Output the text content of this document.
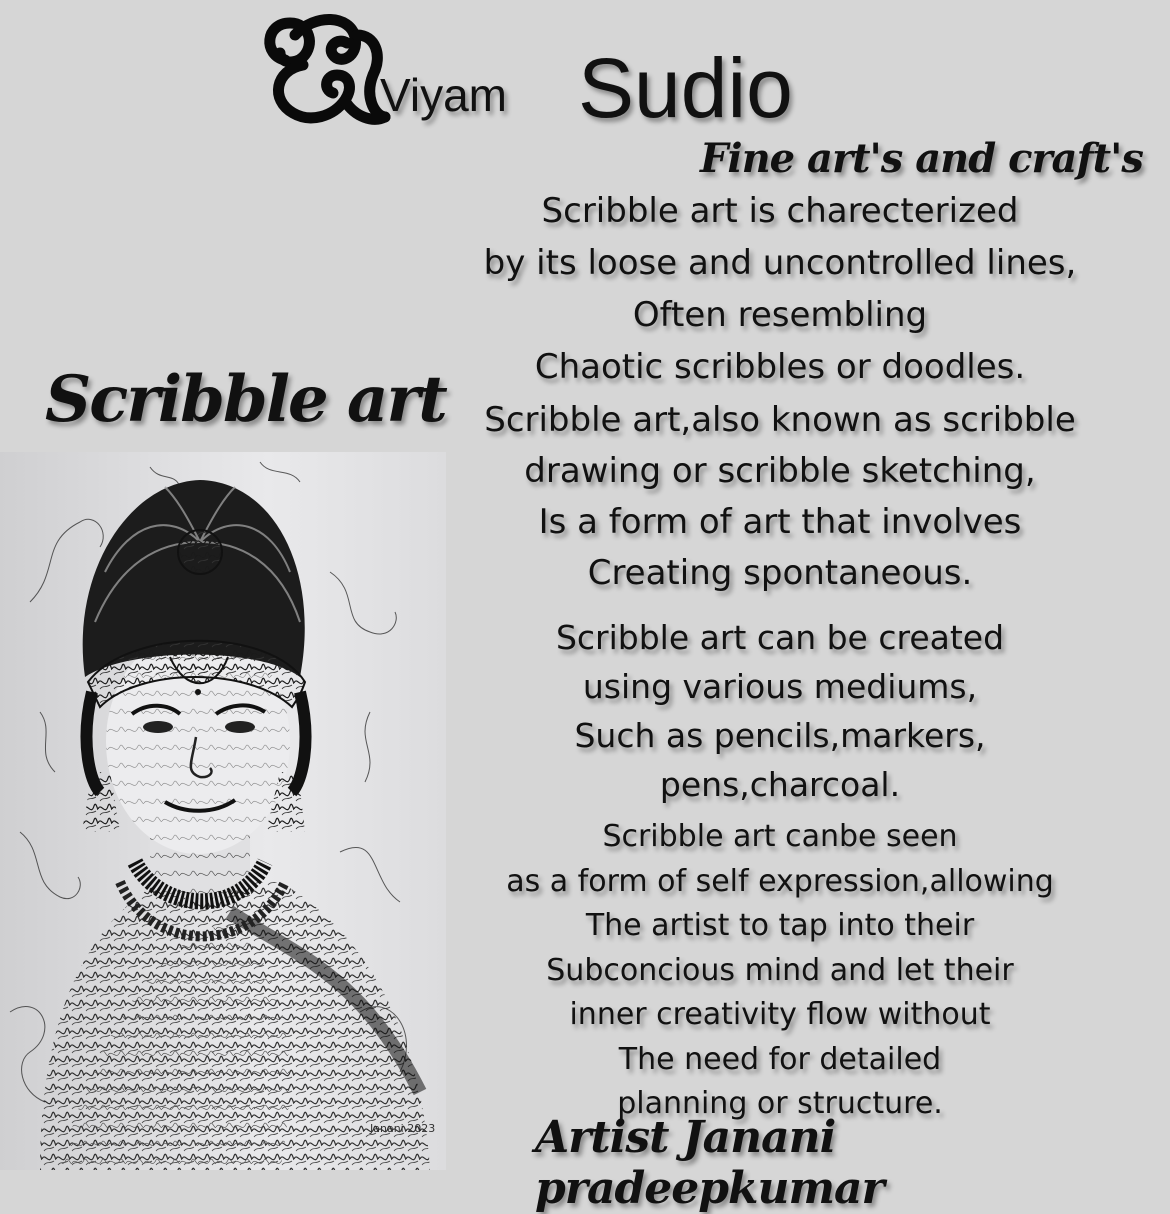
Viyam Sudio
Fine art's and craft's
Scribble art
Janani 2023
Scribble art is charecterized
by its loose and uncontrolled lines,
Often resembling
Chaotic scribbles or doodles.
Scribble art,also known as scribble
drawing or scribble sketching,
Is a form of art that involves
Creating spontaneous.
Scribble art can be created
using various mediums,
Such as pencils,markers,
pens,charcoal.
Scribble art canbe seen
as a form of self expression,allowing
The artist to tap into their
Subconcious mind and let their
inner creativity flow without
The need for detailed
planning or structure.
Artist Janani pradeepkumar
